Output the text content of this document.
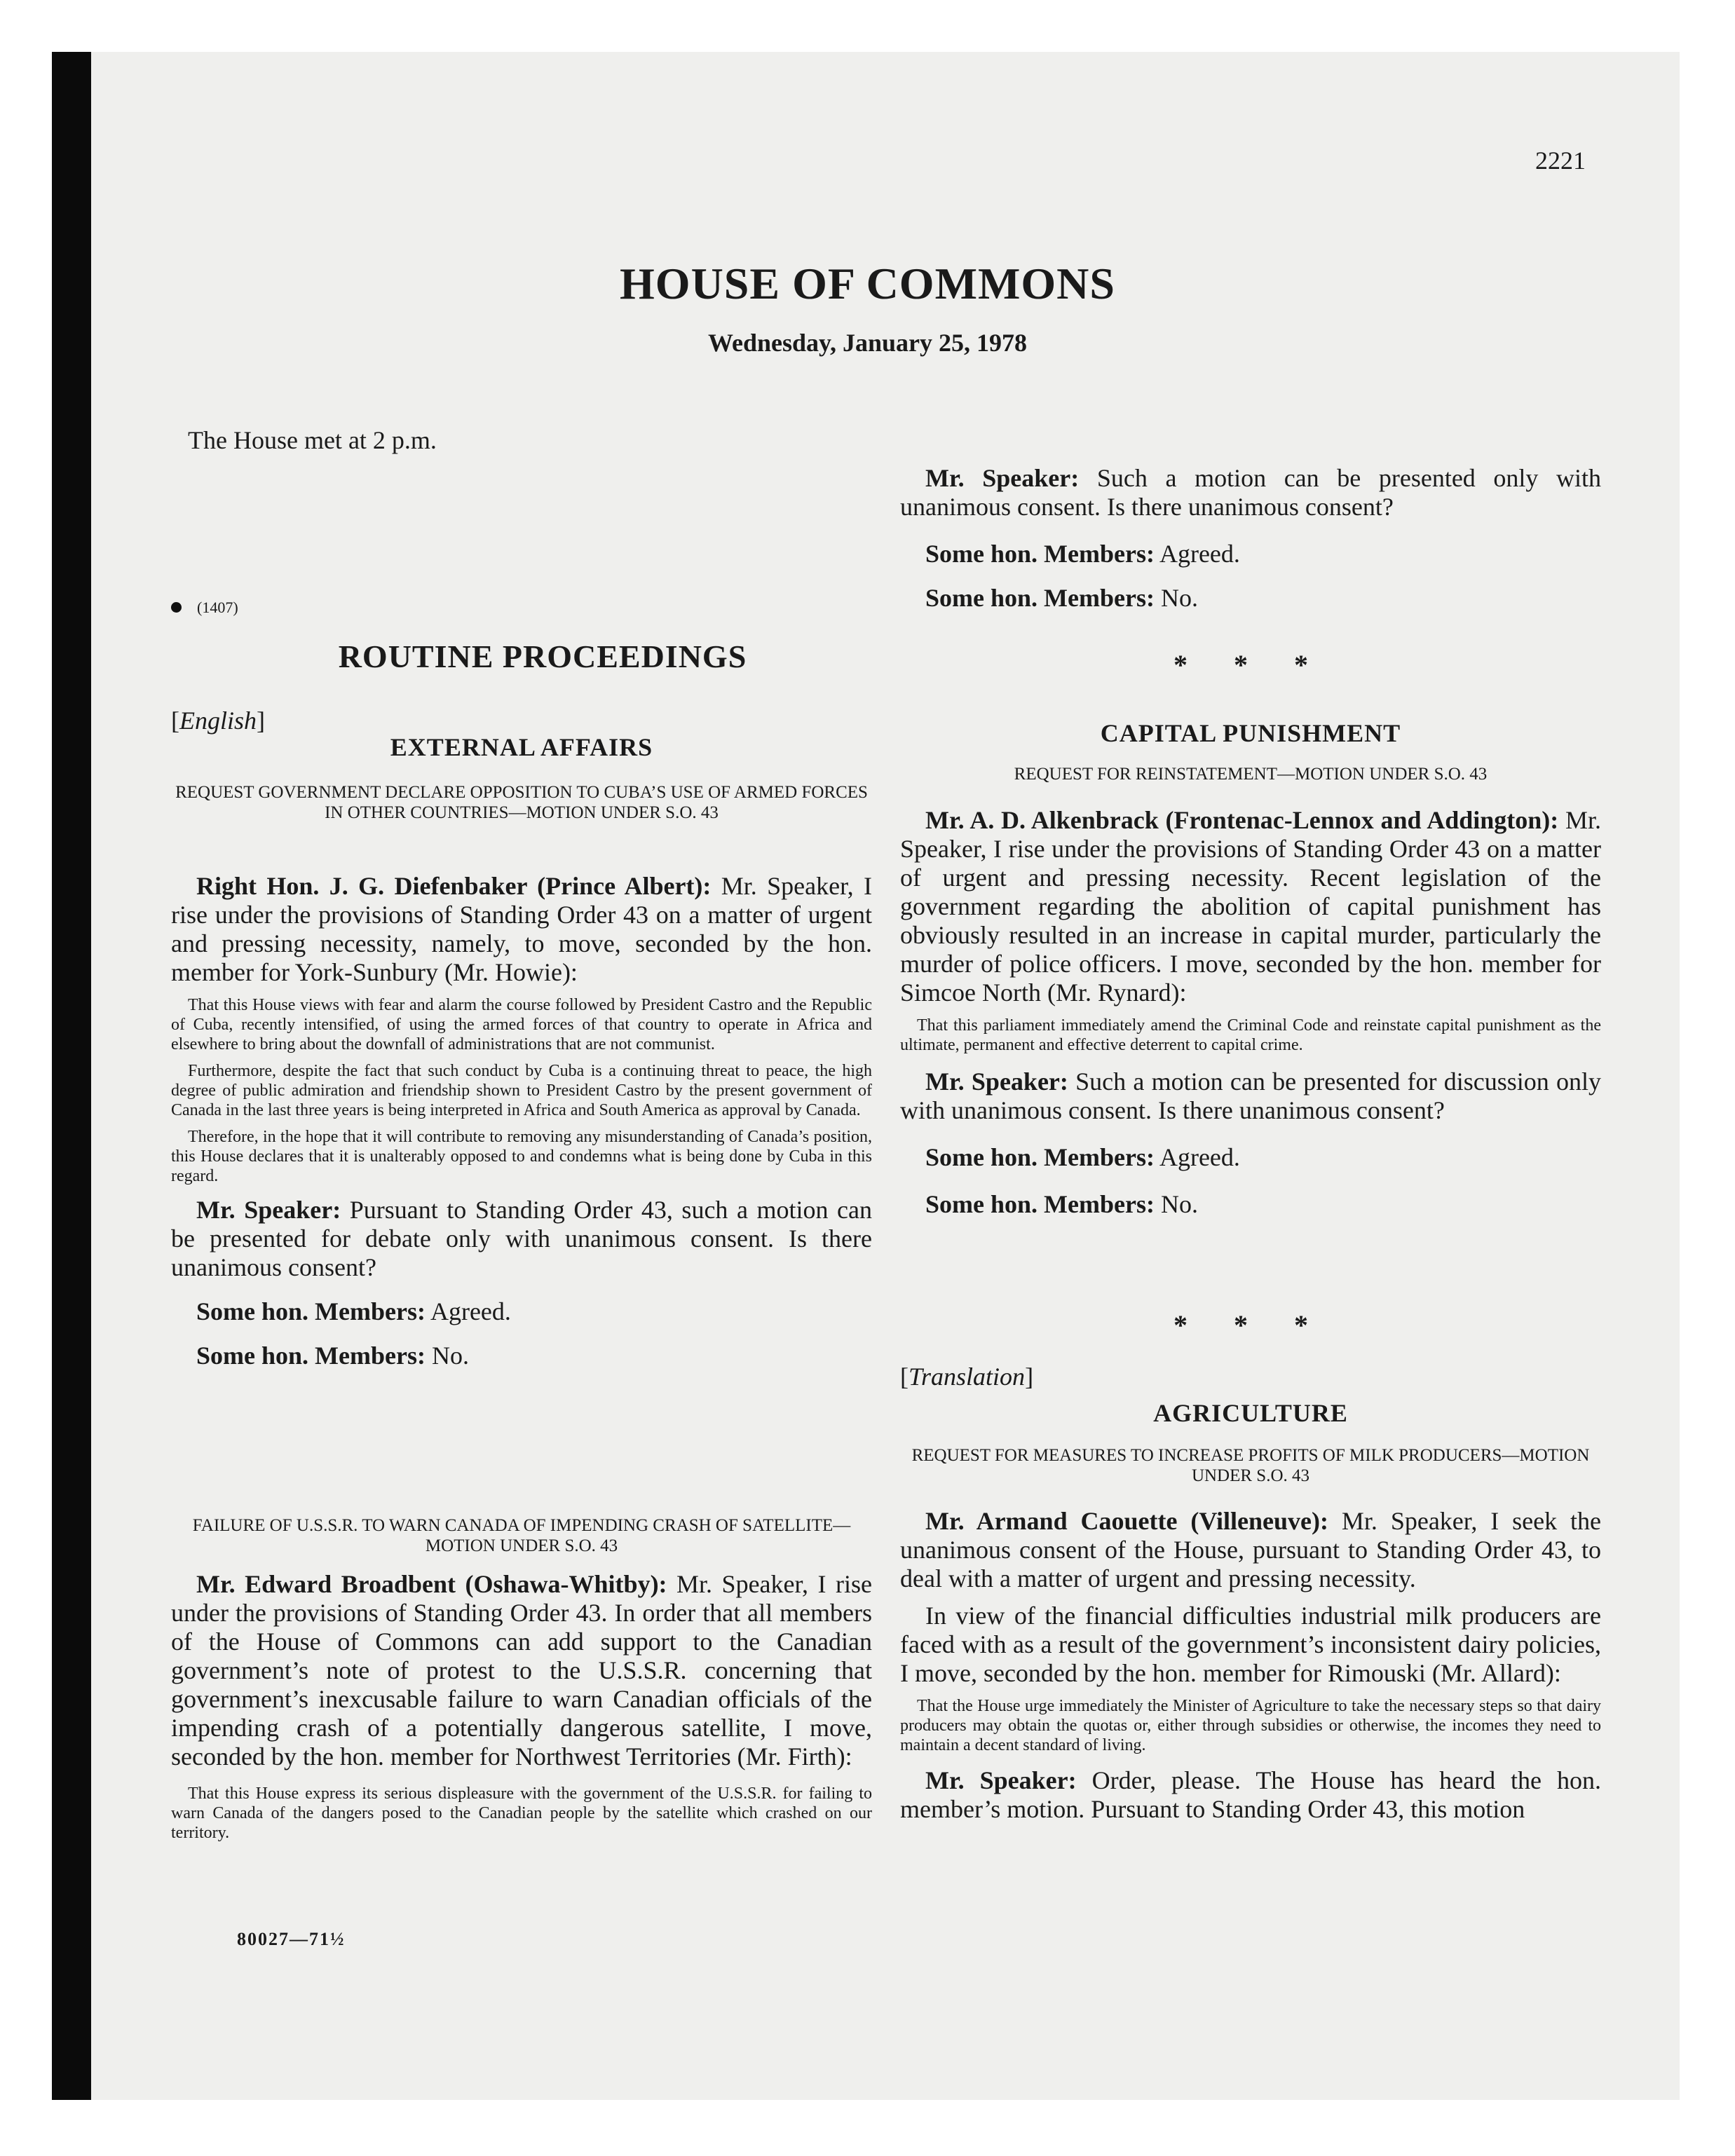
2221
HOUSE OF COMMONS
Wednesday, January 25, 1978
The House met at 2 p.m.
(1407)
ROUTINE PROCEEDINGS
[English]
EXTERNAL AFFAIRS
REQUEST GOVERNMENT DECLARE OPPOSITION TO CUBA’S USE OF ARMED FORCES IN OTHER COUNTRIES—MOTION UNDER S.O. 43

Right Hon. J. G. Diefenbaker (Prince Albert): Mr. Speaker, I rise under the provisions of Standing Order 43 on a matter of urgent and pressing necessity, namely, to move, seconded by the hon. member for York-Sunbury (Mr. Howie):

That this House views with fear and alarm the course followed by President Castro and the Republic of Cuba, recently intensified, of using the armed forces of that country to operate in Africa and elsewhere to bring about the downfall of administrations that are not communist.

Furthermore, despite the fact that such conduct by Cuba is a continuing threat to peace, the high degree of public admiration and friendship shown to President Castro by the present government of Canada in the last three years is being interpreted in Africa and South America as approval by Canada.

Therefore, in the hope that it will contribute to removing any misunderstanding of Canada’s position, this House declares that it is unalterably opposed to and condemns what is being done by Cuba in this regard.

Mr. Speaker: Pursuant to Standing Order 43, such a motion can be presented for debate only with unanimous consent. Is there unanimous consent?

Some hon. Members: Agreed.

Some hon. Members: No.

FAILURE OF U.S.S.R. TO WARN CANADA OF IMPENDING CRASH OF SATELLITE—MOTION UNDER S.O. 43

Mr. Edward Broadbent (Oshawa-Whitby): Mr. Speaker, I rise under the provisions of Standing Order 43. In order that all members of the House of Commons can add support to the Canadian government’s note of protest to the U.S.S.R. concerning that government’s inexcusable failure to warn Canadian officials of the impending crash of a potentially dangerous satellite, I move, seconded by the hon. member for Northwest Territories (Mr. Firth):

That this House express its serious displeasure with the government of the U.S.S.R. for failing to warn Canada of the dangers posed to the Canadian people by the satellite which crashed on our territory.

80027—71½

Mr. Speaker: Such a motion can be presented only with unanimous consent. Is there unanimous consent?

Some hon. Members: Agreed.

Some hon. Members: No.

* * *
CAPITAL PUNISHMENT
REQUEST FOR REINSTATEMENT—MOTION UNDER S.O. 43

Mr. A. D. Alkenbrack (Frontenac-Lennox and Addington): Mr. Speaker, I rise under the provisions of Standing Order 43 on a matter of urgent and pressing necessity. Recent legislation of the government regarding the abolition of capital punishment has obviously resulted in an increase in capital murder, particularly the murder of police officers. I move, seconded by the hon. member for Simcoe North (Mr. Rynard):

That this parliament immediately amend the Criminal Code and reinstate capital punishment as the ultimate, permanent and effective deterrent to capital crime.

Mr. Speaker: Such a motion can be presented for discussion only with unanimous consent. Is there unanimous consent?

Some hon. Members: Agreed.

Some hon. Members: No.

* * *
[Translation]
AGRICULTURE
REQUEST FOR MEASURES TO INCREASE PROFITS OF MILK PRODUCERS—MOTION UNDER S.O. 43

Mr. Armand Caouette (Villeneuve): Mr. Speaker, I seek the unanimous consent of the House, pursuant to Standing Order 43, to deal with a matter of urgent and pressing necessity.

In view of the financial difficulties industrial milk producers are faced with as a result of the government’s inconsistent dairy policies, I move, seconded by the hon. member for Rimouski (Mr. Allard):

That the House urge immediately the Minister of Agriculture to take the necessary steps so that dairy producers may obtain the quotas or, either through subsidies or otherwise, the incomes they need to maintain a decent standard of living.

Mr. Speaker: Order, please. The House has heard the hon. member’s motion. Pursuant to Standing Order 43, this motion
